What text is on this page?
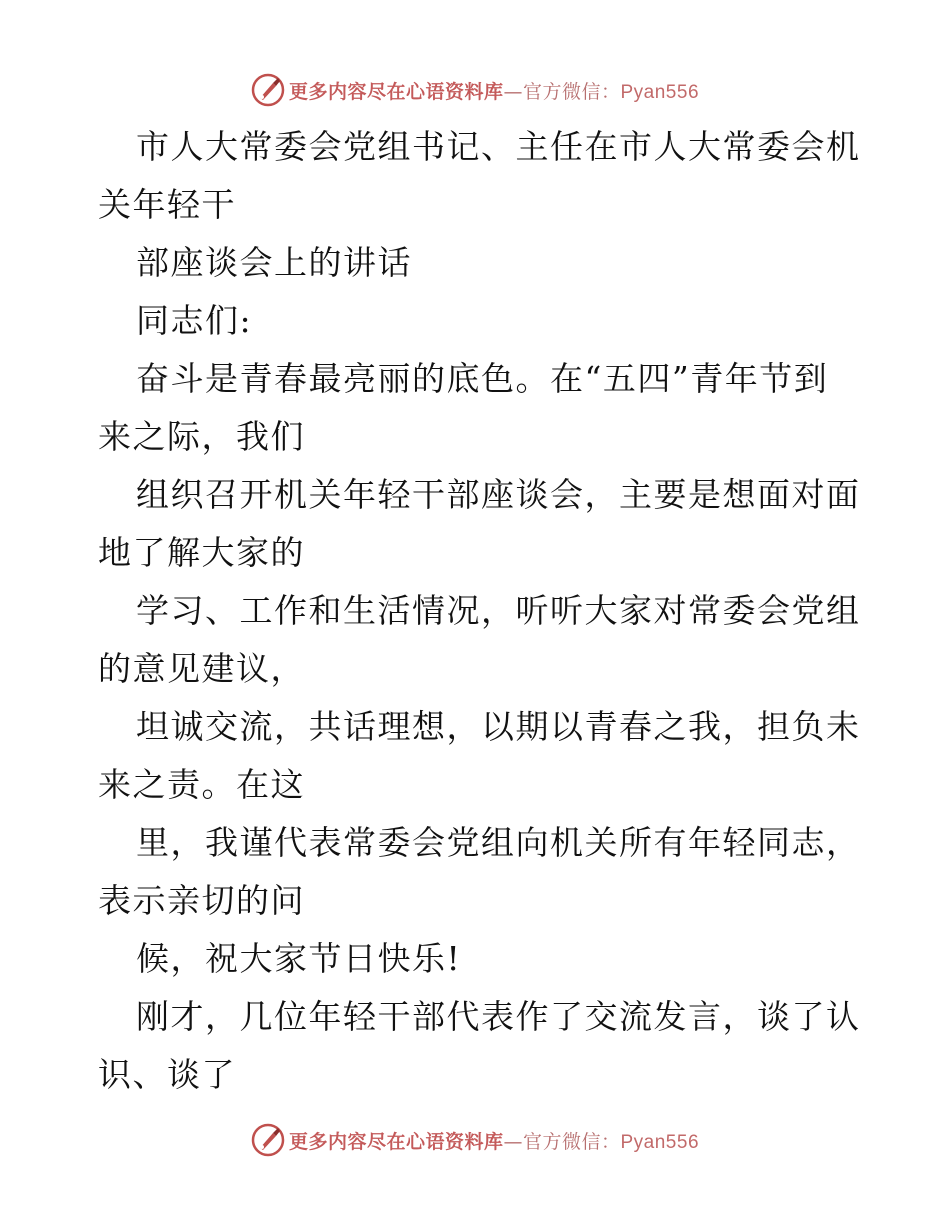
更多内容尽在心语资料库—官方微信：Pyan556
市人大常委会党组书记、主任在市人大常委会机
关年轻干
部座谈会上的讲话
同志们:
奋斗是青春最亮丽的底色。在“五四”青年节到
来之际，我们
组织召开机关年轻干部座谈会，主要是想面对面
地了解大家的
学习、工作和生活情况，听听大家对常委会党组
的意见建议，
坦诚交流，共话理想，以期以青春之我，担负未
来之责。在这
里，我谨代表常委会党组向机关所有年轻同志，
表示亲切的问
候，祝大家节日快乐!
刚才，几位年轻干部代表作了交流发言，谈了认
识、谈了
更多内容尽在心语资料库—官方微信：Pyan556
